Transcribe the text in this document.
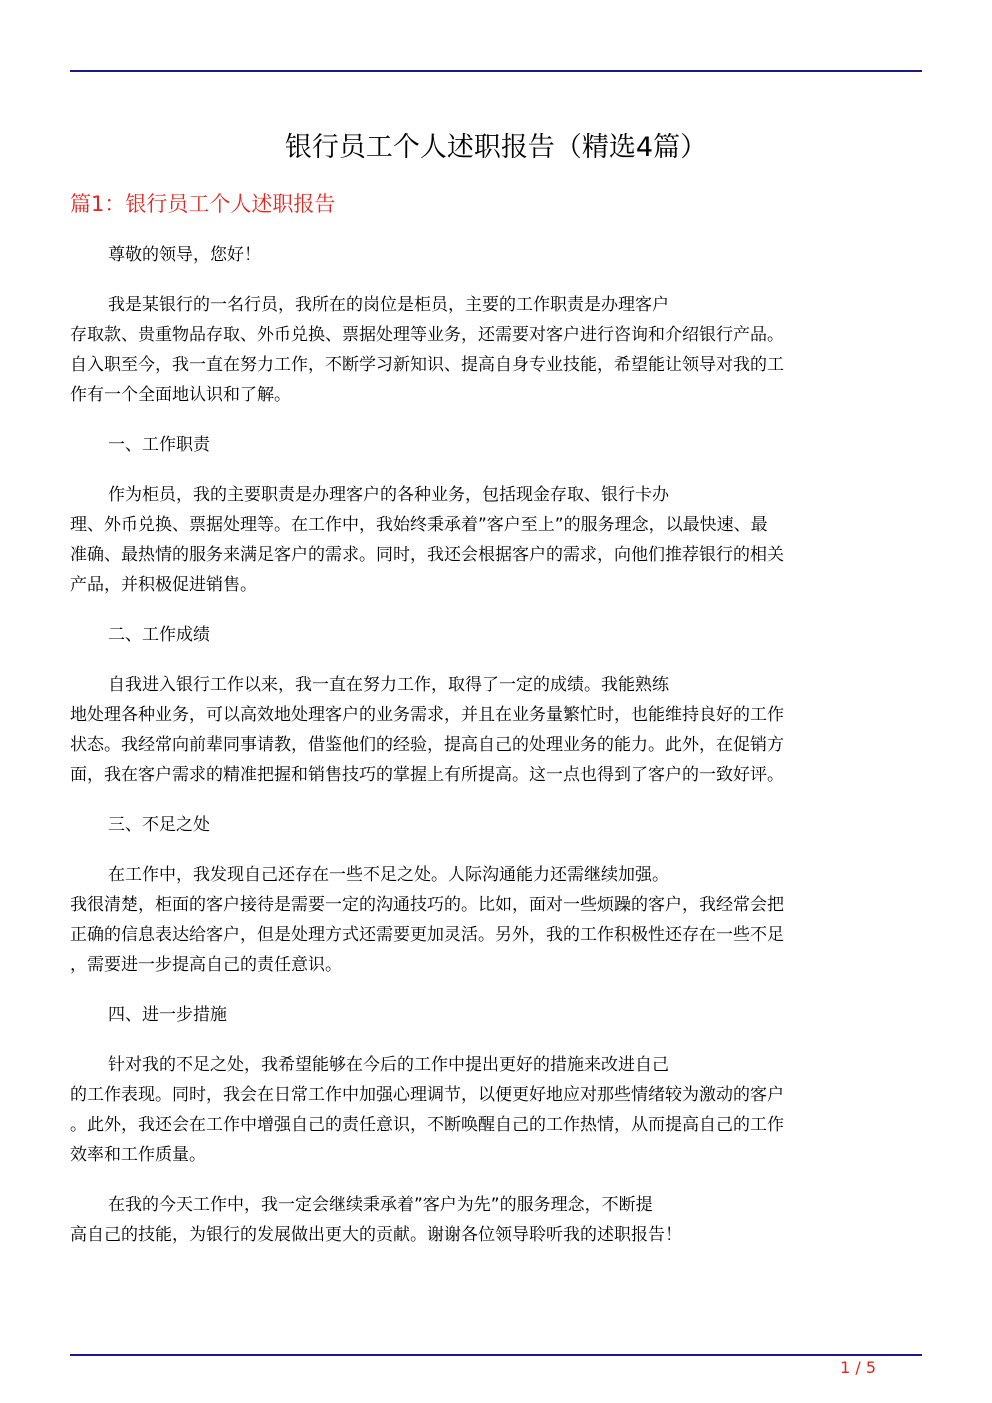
银行员工个人述职报告（精选4篇）
篇1：银行员工个人述职报告

尊敬的领导，您好！

我是某银行的一名行员，我所在的岗位是柜员，主要的工作职责是办理客户
存取款、贵重物品存取、外币兑换、票据处理等业务，还需要对客户进行咨询和介绍银行产品。
自入职至今，我一直在努力工作，不断学习新知识、提高自身专业技能，希望能让领导对我的工
作有一个全面地认识和了解。

一、工作职责

作为柜员，我的主要职责是办理客户的各种业务，包括现金存取、银行卡办
理、外币兑换、票据处理等。在工作中，我始终秉承着”客户至上”的服务理念，以最快速、最
准确、最热情的服务来满足客户的需求。同时，我还会根据客户的需求，向他们推荐银行的相关
产品，并积极促进销售。

二、工作成绩

自我进入银行工作以来，我一直在努力工作，取得了一定的成绩。我能熟练
地处理各种业务，可以高效地处理客户的业务需求，并且在业务量繁忙时，也能维持良好的工作
状态。我经常向前辈同事请教，借鉴他们的经验，提高自己的处理业务的能力。此外，在促销方
面，我在客户需求的精准把握和销售技巧的掌握上有所提高。这一点也得到了客户的一致好评。

三、不足之处

在工作中，我发现自己还存在一些不足之处。人际沟通能力还需继续加强。
我很清楚，柜面的客户接待是需要一定的沟通技巧的。比如，面对一些烦躁的客户，我经常会把
正确的信息表达给客户，但是处理方式还需要更加灵活。另外，我的工作积极性还存在一些不足
，需要进一步提高自己的责任意识。

四、进一步措施

针对我的不足之处，我希望能够在今后的工作中提出更好的措施来改进自己
的工作表现。同时，我会在日常工作中加强心理调节，以便更好地应对那些情绪较为激动的客户
。此外，我还会在工作中增强自己的责任意识，不断唤醒自己的工作热情，从而提高自己的工作
效率和工作质量。

在我的今天工作中，我一定会继续秉承着”客户为先”的服务理念，不断提
高自己的技能，为银行的发展做出更大的贡献。谢谢各位领导聆听我的述职报告！

1 / 5
